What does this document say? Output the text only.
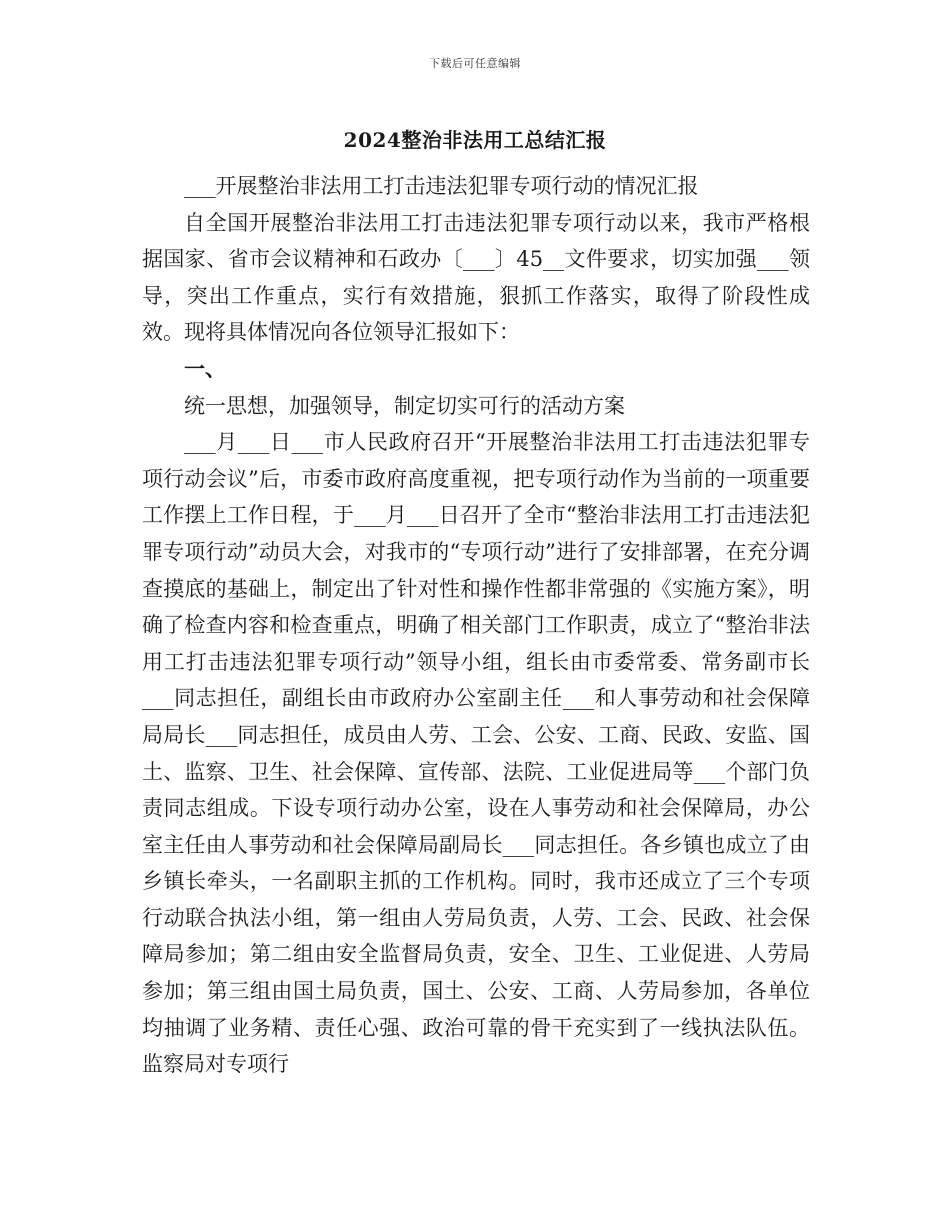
下载后可任意编辑
2024整治非法用工总结汇报

___开展整治非法用工打击违法犯罪专项行动的情况汇报

自全国开展整治非法用工打击违法犯罪专项行动以来，我市严格根据国家、省市会议精神和石政办〔___〕45__文件要求，切实加强___领导，突出工作重点，实行有效措施，狠抓工作落实，取得了阶段性成效。现将具体情况向各位领导汇报如下：

一、

统一思想，加强领导，制定切实可行的活动方案

___月___日___市人民政府召开“开展整治非法用工打击违法犯罪专项行动会议”后，市委市政府高度重视，把专项行动作为当前的一项重要工作摆上工作日程，于___月___日召开了全市“整治非法用工打击违法犯罪专项行动”动员大会，对我市的“专项行动”进行了安排部署，在充分调查摸底的基础上，制定出了针对性和操作性都非常强的《实施方案》，明确了检查内容和检查重点，明确了相关部门工作职责，成立了“整治非法用工打击违法犯罪专项行动”领导小组，组长由市委常委、常务副市长___同志担任，副组长由市政府办公室副主任___和人事劳动和社会保障局局长___同志担任，成员由人劳、工会、公安、工商、民政、安监、国土、监察、卫生、社会保障、宣传部、法院、工业促进局等___个部门负责同志组成。下设专项行动办公室，设在人事劳动和社会保障局，办公室主任由人事劳动和社会保障局副局长___同志担任。各乡镇也成立了由乡镇长牵头，一名副职主抓的工作机构。同时，我市还成立了三个专项行动联合执法小组，第一组由人劳局负责，人劳、工会、民政、社会保障局参加；第二组由安全监督局负责，安全、卫生、工业促进、人劳局参加；第三组由国土局负责，国土、公安、工商、人劳局参加，各单位均抽调了业务精、责任心强、政治可靠的骨干充实到了一线执法队伍。监察局对专项行
